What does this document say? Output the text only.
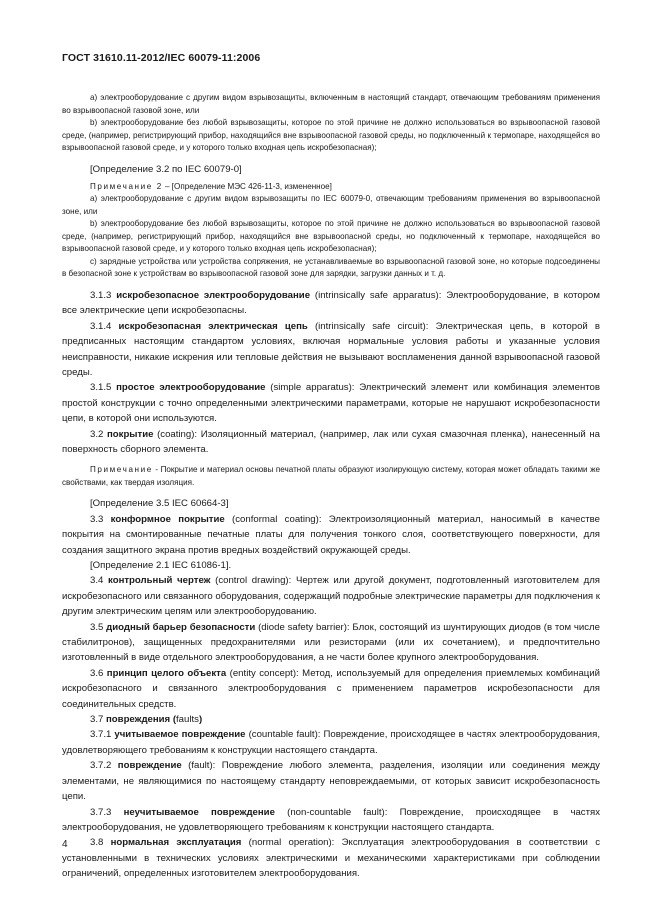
ГОСТ 31610.11-2012/IEC 60079-11:2006

a) электрооборудование с другим видом взрывозащиты, включенным в настоящий стандарт, отвечающим требованиям применения во взрывоопасной газовой зоне, или

b) электрооборудование без любой взрывозащиты, которое по этой причине не должно использоваться во взрывоопасной газовой среде, (например, регистрирующий прибор, находящийся вне взрывоопасной газовой среды, но подключенный к термопаре, находящейся во взрывоопасной газовой среде, и у которого только входная цепь искробезопасная);

[Определение 3.2 по IEC 60079-0]

Примечание 2 – [Определение МЭС 426-11-3, измененное]

a) электрооборудование с другим видом взрывозащиты по IEC 60079-0, отвечающим требованиям применения во взрывоопасной зоне, или

b) электрооборудование без любой взрывозащиты, которое по этой причине не должно использоваться во взрывоопасной газовой среде, (например, регистрирующий прибор, находящийся вне взрывоопасной среды, но подключенный к термопаре, находящейся во взрывоопасной газовой среде, и у которого только входная цепь искробезопасная);

c) зарядные устройства или устройства сопряжения, не устанавливаемые во взрывоопасной газовой зоне, но которые подсоединены в безопасной зоне к устройствам во взрывоопасной газовой зоне для зарядки, загрузки данных и т. д.

3.1.3 искробезопасное электрооборудование (intrinsically safe apparatus): Электрооборудование, в котором все электрические цепи искробезопасны.

3.1.4 искробезопасная электрическая цепь (intrinsically safe circuit): Электрическая цепь, в которой в предписанных настоящим стандартом условиях, включая нормальные условия работы и указанные условия неисправности, никакие искрения или тепловые действия не вызывают воспламенения данной взрывоопасной газовой среды.

3.1.5 простое электрооборудование (simple apparatus): Электрический элемент или комбинация элементов простой конструкции с точно определенными электрическими параметрами, которые не нарушают искробезопасности цепи, в которой они используются.

3.2 покрытие (coating): Изоляционный материал, (например, лак или сухая смазочная пленка), нанесенный на поверхность сборного элемента.

Примечание - Покрытие и материал основы печатной платы образуют изолирующую систему, которая может обладать такими же свойствами, как твердая изоляция.

[Определение 3.5 IEC 60664-3]

3.3 конформное покрытие (conformal coating): Электроизоляционный материал, наносимый в качестве покрытия на смонтированные печатные платы для получения тонкого слоя, соответствующего поверхности, для создания защитного экрана против вредных воздействий окружающей среды.

[Определение 2.1 IEC 61086-1].

3.4 контрольный чертеж (control drawing): Чертеж или другой документ, подготовленный изготовителем для искробезопасного или связанного оборудования, содержащий подробные электрические параметры для подключения к другим электрическим цепям или электрооборудованию.

3.5 диодный барьер безопасности (diode safety barrier): Блок, состоящий из шунтирующих диодов (в том числе стабилитронов), защищенных предохранителями или резисторами (или их сочетанием), и предпочтительно изготовленный в виде отдельного электрооборудования, а не части более крупного электрооборудования.

3.6 принцип целого объекта (entity concept): Метод, используемый для определения приемлемых комбинаций искробезопасного и связанного электрооборудования с применением параметров искробезопасности для соединительных средств.

3.7 повреждения (faults)

3.7.1 учитываемое повреждение (countable fault): Повреждение, происходящее в частях электрооборудования, удовлетворяющего требованиям к конструкции настоящего стандарта.

3.7.2 повреждение (fault): Повреждение любого элемента, разделения, изоляции или соединения между элементами, не являющимися по настоящему стандарту неповреждаемыми, от которых зависит искробезопасность цепи.

3.7.3 неучитываемое повреждение (non-countable fault): Повреждение, происходящее в частях электрооборудования, не удовлетворяющего требованиям к конструкции настоящего стандарта.

3.8 нормальная эксплуатация (normal operation): Эксплуатация электрооборудования в соответствии с установленными в технических условиях электрическими и механическими характеристиками при соблюдении ограничений, определенных изготовителем электрооборудования.

4
